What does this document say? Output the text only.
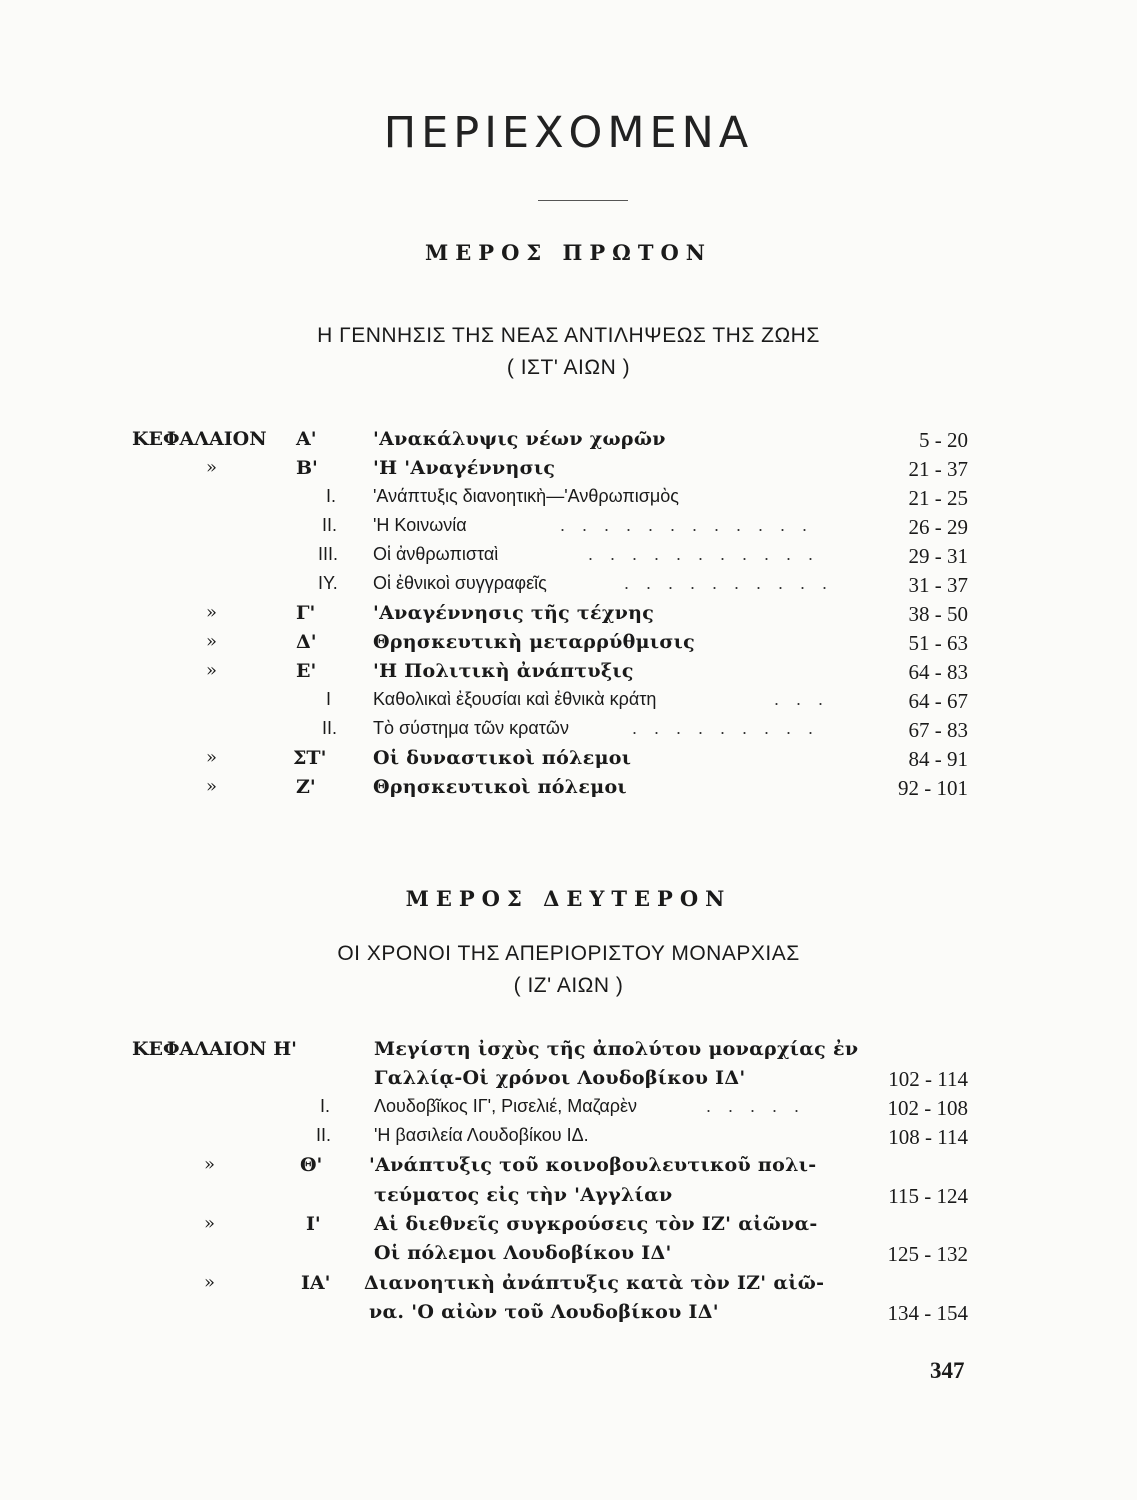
ΠΕΡΙΕΧΟΜΕΝΑ
ΜΕΡΟΣ ΠΡΩΤΟΝ
Η ΓΕΝΝΗΣΙΣ ΤΗΣ ΝΕΑΣ ΑΝΤΙΛΗΨΕΩΣ ΤΗΣ ΖΩΗΣ
( ΙΣΤ' ΑΙΩΝ )
ΚΕΦΑΛΑΙΟΝ Α'	'Ανακάλυψις νέων χωρῶν	5 - 20
»	Β'	'Η 'Αναγέννησις	21 - 37
Ι. 'Ανάπτυξις διανοητικὴ—'Ανθρωπισμὸς	21 - 25
ΙΙ. 'Η Κοινωνία	. . . . . . . . . . . .	26 - 29
ΙΙΙ. Οἱ ἀνθρωπισταὶ	. . . . . . . . . . .	29 - 31
ΙΥ. Οἱ ἐθνικοὶ συγγραφεῖς	. . . . . . . . . .	31 - 37
»	Γ'	'Αναγέννησις τῆς τέχνης	38 - 50
»	Δ'	Θρησκευτικὴ μεταρρύθμισις	51 - 63
»	Ε'	'Η Πολιτικὴ ἀνάπτυξις	64 - 83
Ι Καθολικαὶ ἐξουσίαι καὶ ἐθνικὰ κράτη	. . .	64 - 67
ΙΙ. Τὸ σύστημα τῶν κρατῶν	. . . . . . . . .	67 - 83
»	ΣΤ' Οἱ δυναστικοὶ πόλεμοι	84 - 91
»	Ζ'	Θρησκευτικοὶ πόλεμοι	92 - 101
ΜΕΡΟΣ ΔΕΥΤΕΡΟΝ
ΟΙ ΧΡΟΝΟΙ ΤΗΣ ΑΠΕΡΙΟΡΙΣΤΟΥ ΜΟΝΑΡΧΙΑΣ
( ΙΖ' ΑΙΩΝ )
ΚΕΦΑΛΑΙΟΝ Η'	Μεγίστη ἰσχὺς τῆς ἀπολύτου μοναρχίας ἐν
Γαλλίᾳ-Οἱ χρόνοι Λουδοβίκου ΙΔ'	102 - 114
Ι. Λουδοβῖκος ΙΓ', Ρισελιέ, Μαζαρὲν	. . . . .	102 - 108
ΙΙ. 'Η βασιλεία Λουδοβίκου ΙΔ.	108 - 114
»	Θ' 'Ανάπτυξις τοῦ κοινοβουλευτικοῦ πολι-
τεύματος εἰς τὴν 'Αγγλίαν	115 - 124
»	Ι'	Αἱ διεθνεῖς συγκρούσεις τὸν ΙΖ' αἰῶνα-
Οἱ πόλεμοι Λουδοβίκου ΙΔ'	125 - 132
»	ΙΑ' Διανοητικὴ ἀνάπτυξις κατὰ τὸν ΙΖ' αἰῶ-
να. 'Ο αἰὼν τοῦ Λουδοβίκου ΙΔ'	134 - 154
347
